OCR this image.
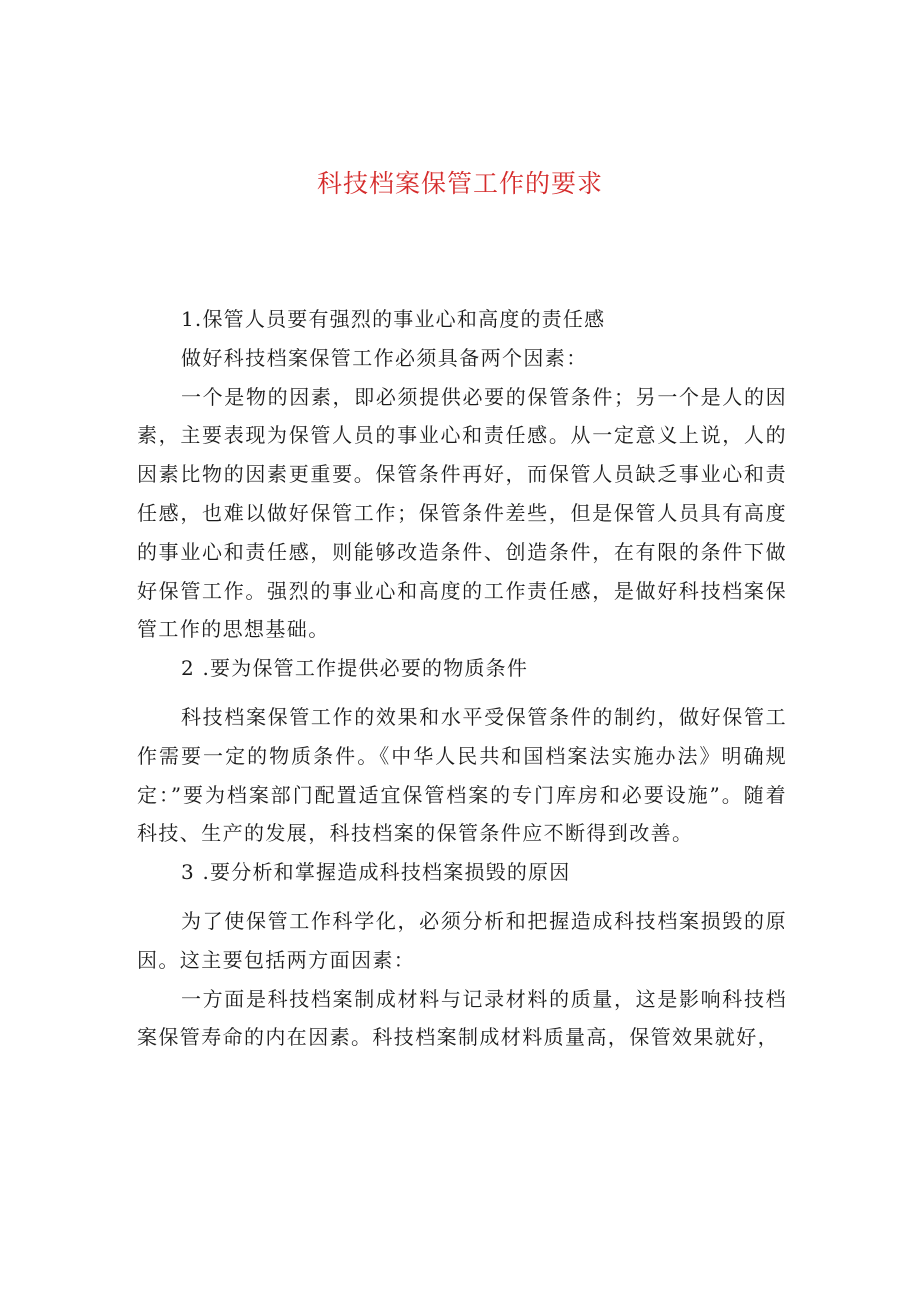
科技档案保管工作的要求

1.保管人员要有强烈的事业心和高度的责任感

做好科技档案保管工作必须具备两个因素：

一个是物的因素，即必须提供必要的保管条件；另一个是人的因素，主要表现为保管人员的事业心和责任感。从一定意义上说，人的因素比物的因素更重要。保管条件再好，而保管人员缺乏事业心和责任感，也难以做好保管工作；保管条件差些，但是保管人员具有高度的事业心和责任感，则能够改造条件、创造条件，在有限的条件下做好保管工作。强烈的事业心和高度的工作责任感，是做好科技档案保管工作的思想基础。

2 .要为保管工作提供必要的物质条件

科技档案保管工作的效果和水平受保管条件的制约，做好保管工作需要一定的物质条件。《中华人民共和国档案法实施办法》明确规定：”要为档案部门配置适宜保管档案的专门库房和必要设施”。随着科技、生产的发展，科技档案的保管条件应不断得到改善。

3 .要分析和掌握造成科技档案损毁的原因

为了使保管工作科学化，必须分析和把握造成科技档案损毁的原因。这主要包括两方面因素：

一方面是科技档案制成材料与记录材料的质量，这是影响科技档案保管寿命的内在因素。科技档案制成材料质量高，保管效果就好，
